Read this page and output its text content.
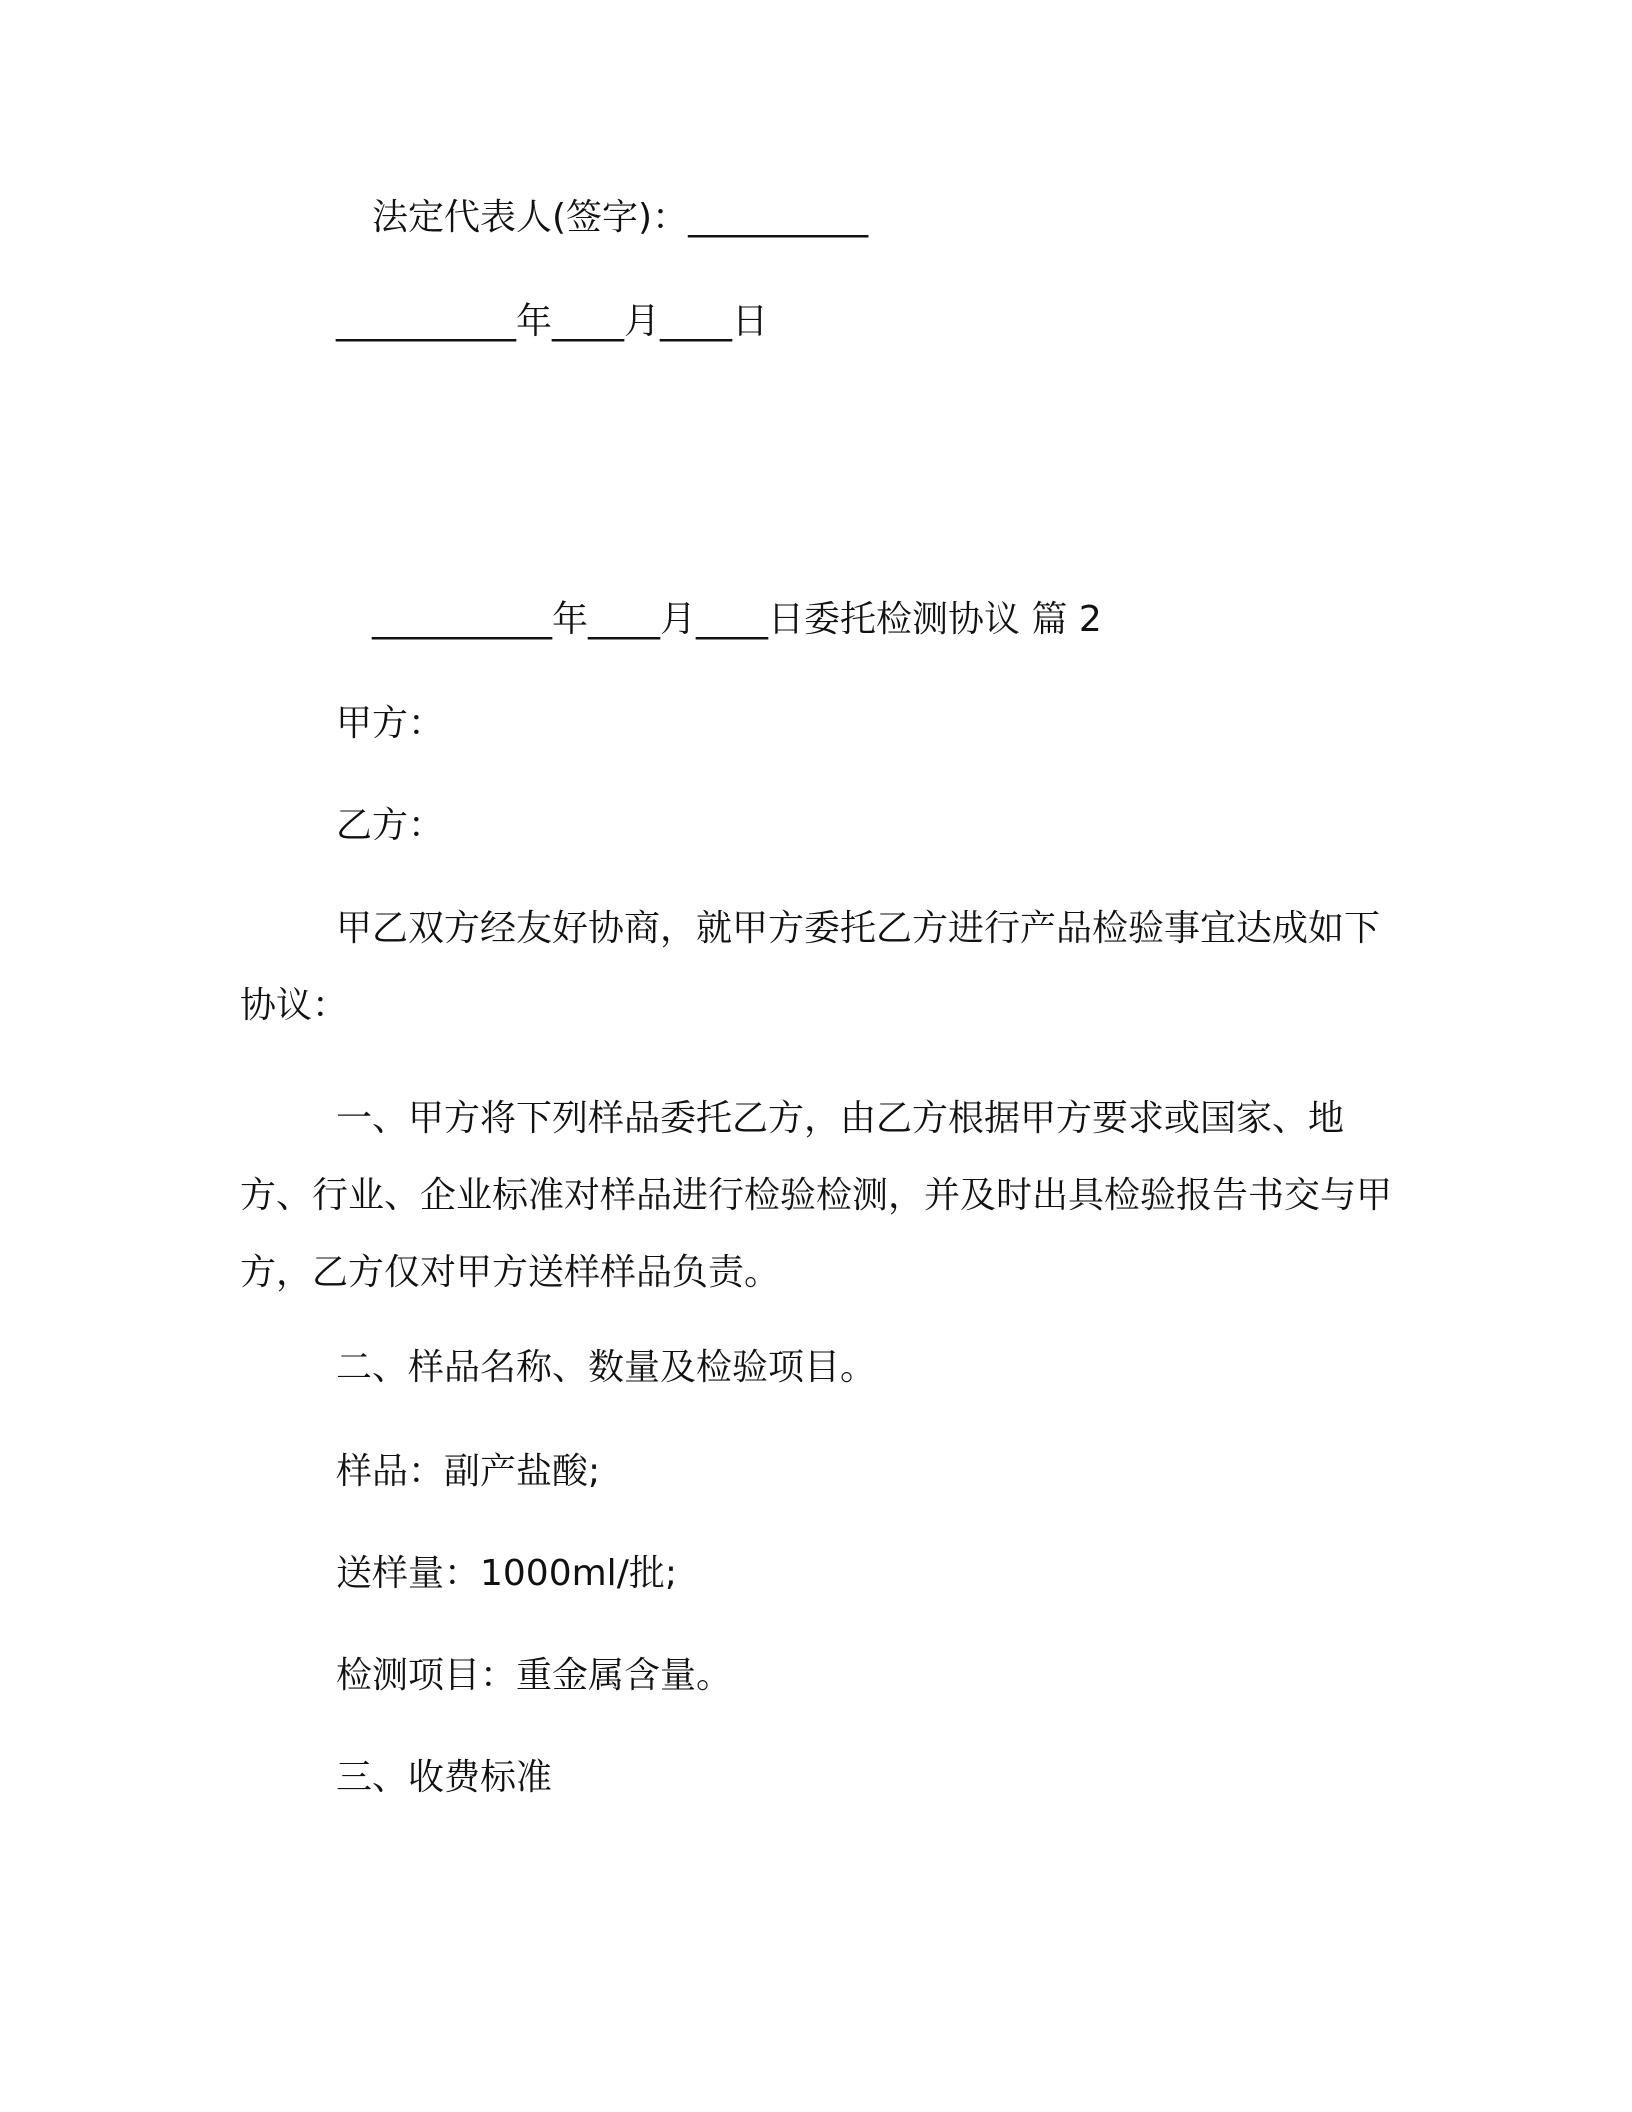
法定代表人(签字)：__________
__________年____月____日
__________年____月____日委托检测协议 篇 2
甲方：
乙方：
甲乙双方经友好协商，就甲方委托乙方进行产品检验事宜达成如下协议：
一、甲方将下列样品委托乙方，由乙方根据甲方要求或国家、地方、行业、企业标准对样品进行检验检测，并及时出具检验报告书交与甲方，乙方仅对甲方送样样品负责。
二、样品名称、数量及检验项目。
样品：副产盐酸;
送样量：1000ml/批;
检测项目：重金属含量。
三、收费标准
